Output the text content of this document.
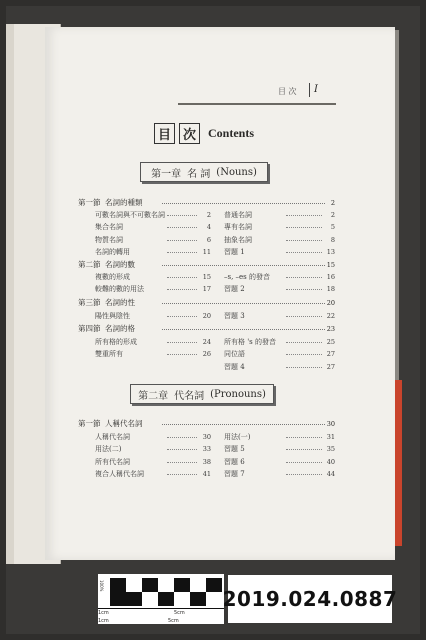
目 次 I
目 次	Contents
第一章 名 詞 (Nouns)
第二章 代名詞 (Pronouns)
第一節 名詞的種類	2
可數名詞與不可數名詞	2 普通名詞	2
集合名詞	4 專有名詞	5
物質名詞	6 抽象名詞	8
名詞的轉用	11 習題 1	13
第二節 名詞的數	15
複數的形成	15 –s, –es 的發音	16
較難的數的用法	17 習題 2	18
第三節 名詞的性	20
陽性與陰性	20 習題 3	22
第四節 名詞的格	23
所有格的形成	24 所有格 's 的發音	25
雙重所有	26 同位語	27
習題 4	27
第一節 人稱代名詞	30
人稱代名詞	30 用法(一)	31
用法(二)	33 習題 5	35
所有代名詞	38 習題 6	40
複合人稱代名詞	41 習題 7	44
1cm	5cm
1cm	5cm
100%
2019.024.0887
